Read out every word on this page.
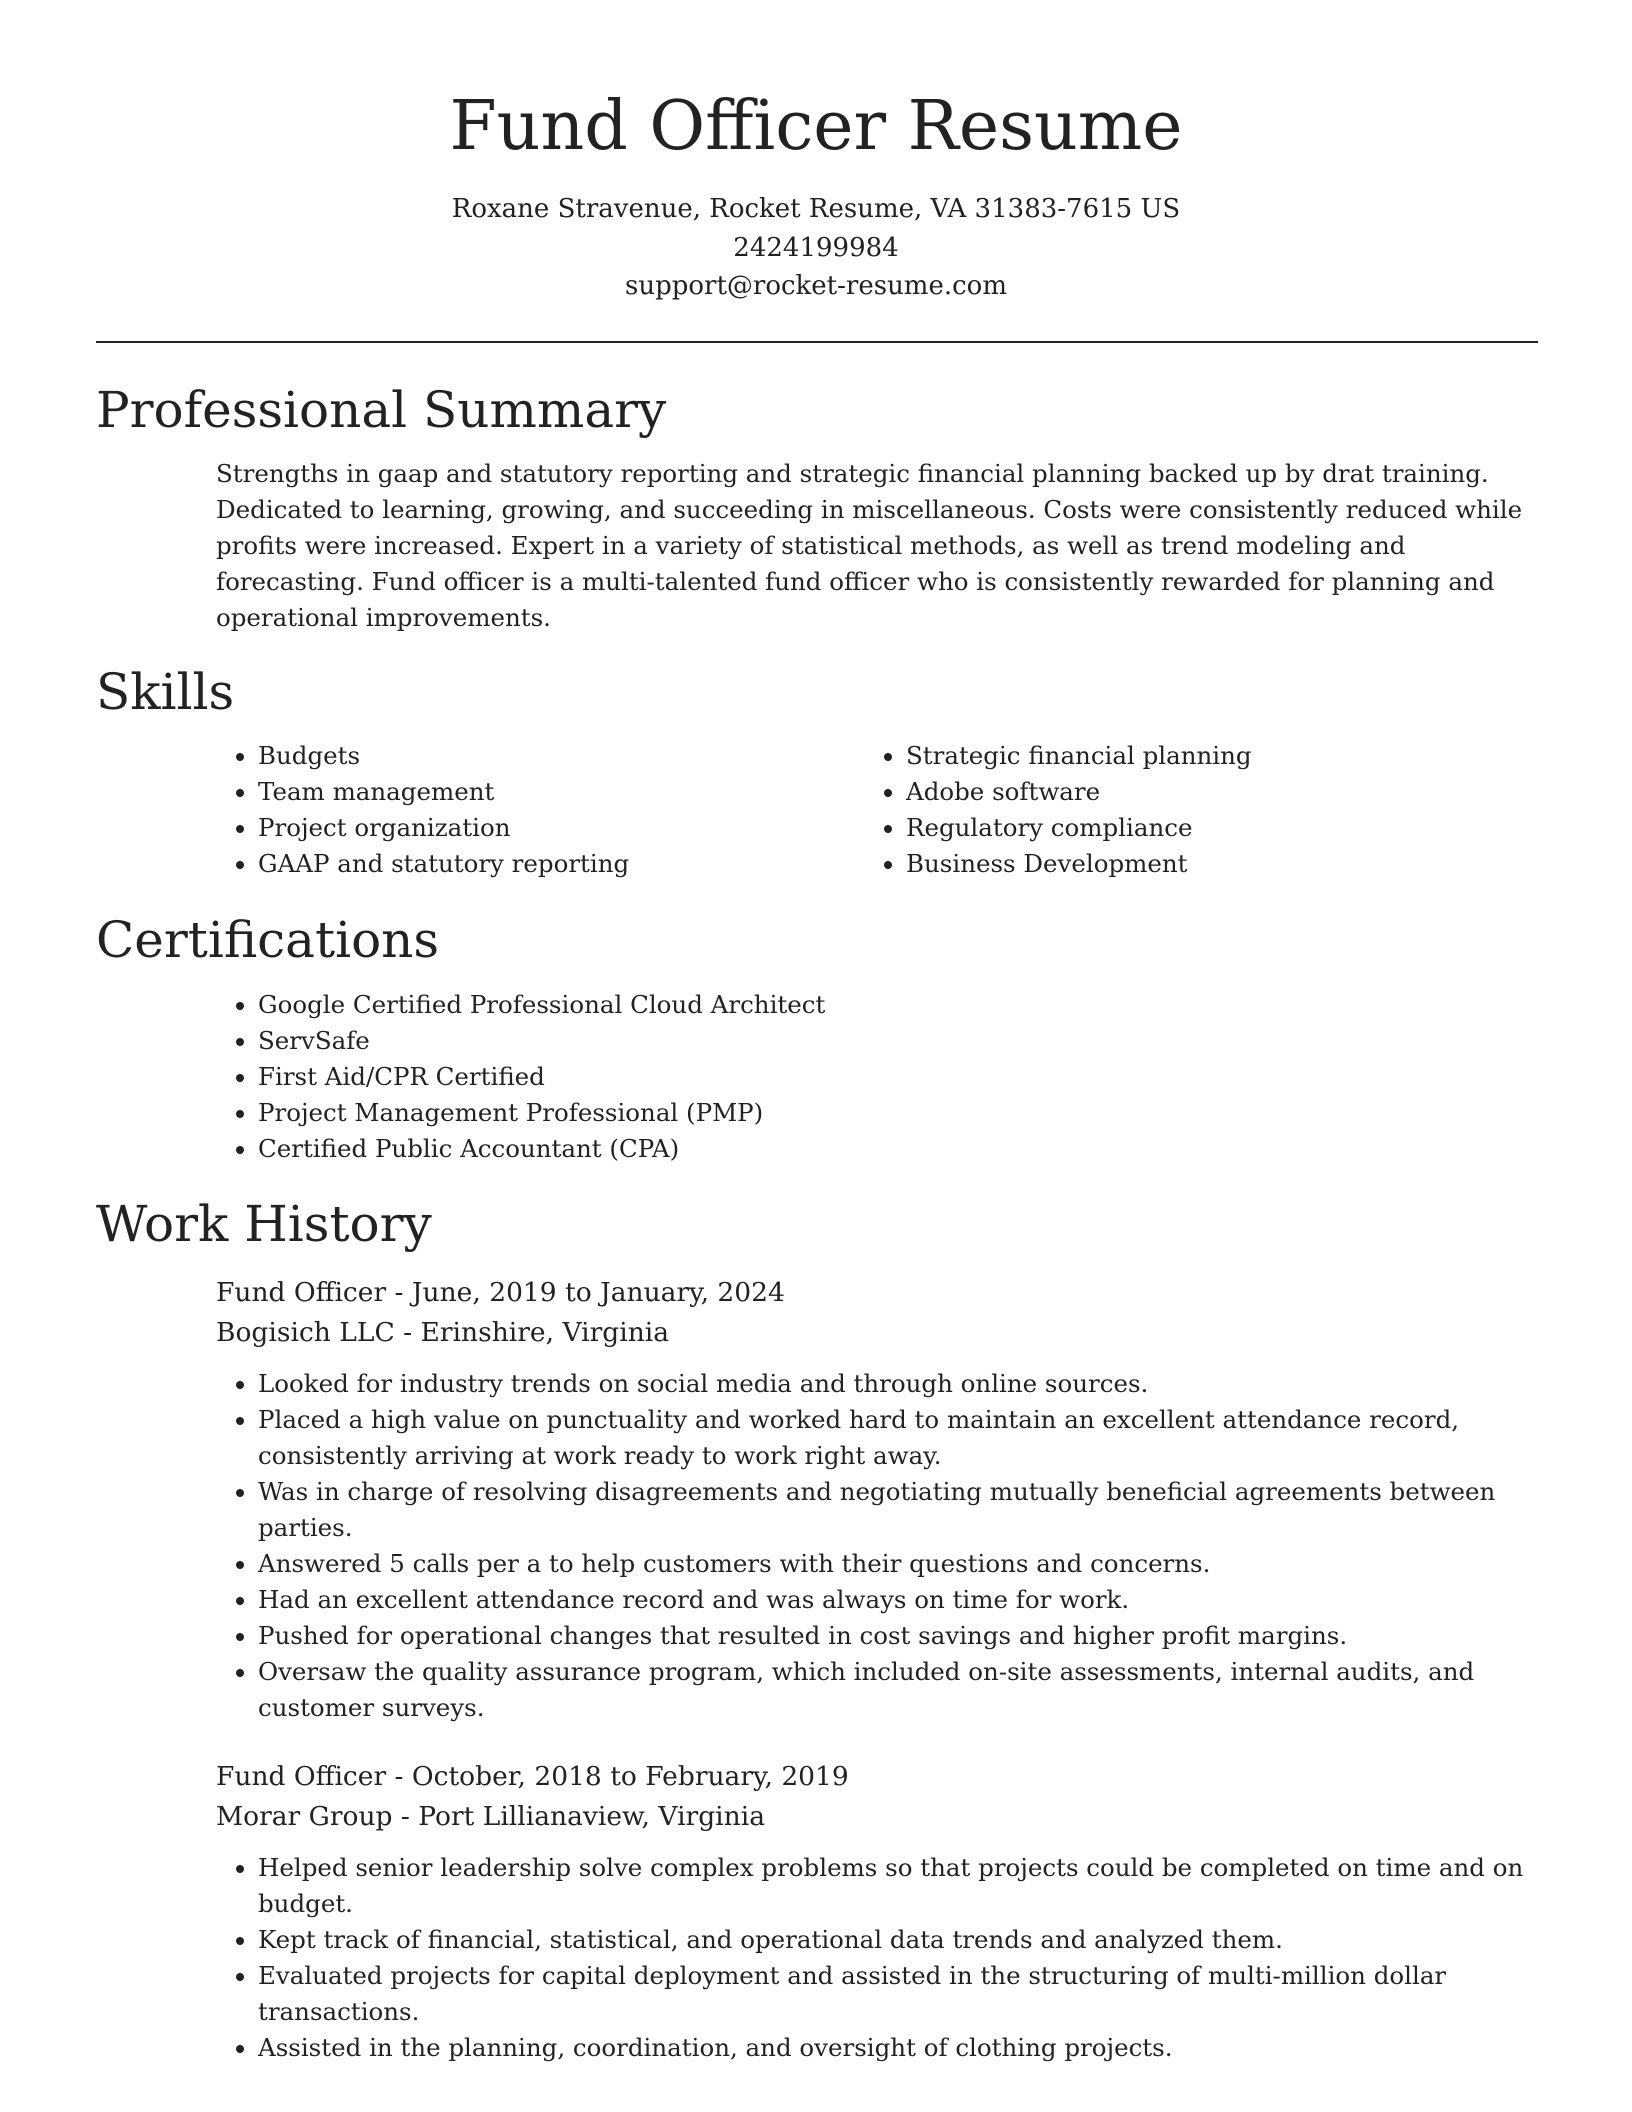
Fund Officer Resume
Roxane Stravenue, Rocket Resume, VA 31383-7615 US
2424199984
support@rocket-resume.com
Professional Summary

Strengths in gaap and statutory reporting and strategic financial planning backed up by drat training. Dedicated to learning, growing, and succeeding in miscellaneous. Costs were consistently reduced while profits were increased. Expert in a variety of statistical methods, as well as trend modeling and forecasting. Fund officer is a multi-talented fund officer who is consistently rewarded for planning and operational improvements.

Skills
• Budgets
• Team management
• Project organization
• GAAP and statutory reporting
• Strategic financial planning
• Adobe software
• Regulatory compliance
• Business Development
Certifications
• Google Certified Professional Cloud Architect
• ServSafe
• First Aid/CPR Certified
• Project Management Professional (PMP)
• Certified Public Accountant (CPA)
Work History
Fund Officer - June, 2019 to January, 2024
Bogisich LLC - Erinshire, Virginia
• Looked for industry trends on social media and through online sources.
• Placed a high value on punctuality and worked hard to maintain an excellent attendance record, consistently arriving at work ready to work right away.
• Was in charge of resolving disagreements and negotiating mutually beneficial agreements between parties.
• Answered 5 calls per a to help customers with their questions and concerns.
• Had an excellent attendance record and was always on time for work.
• Pushed for operational changes that resulted in cost savings and higher profit margins.
• Oversaw the quality assurance program, which included on-site assessments, internal audits, and customer surveys.
Fund Officer - October, 2018 to February, 2019
Morar Group - Port Lillianaview, Virginia
• Helped senior leadership solve complex problems so that projects could be completed on time and on budget.
• Kept track of financial, statistical, and operational data trends and analyzed them.
• Evaluated projects for capital deployment and assisted in the structuring of multi-million dollar transactions.
• Assisted in the planning, coordination, and oversight of clothing projects.
